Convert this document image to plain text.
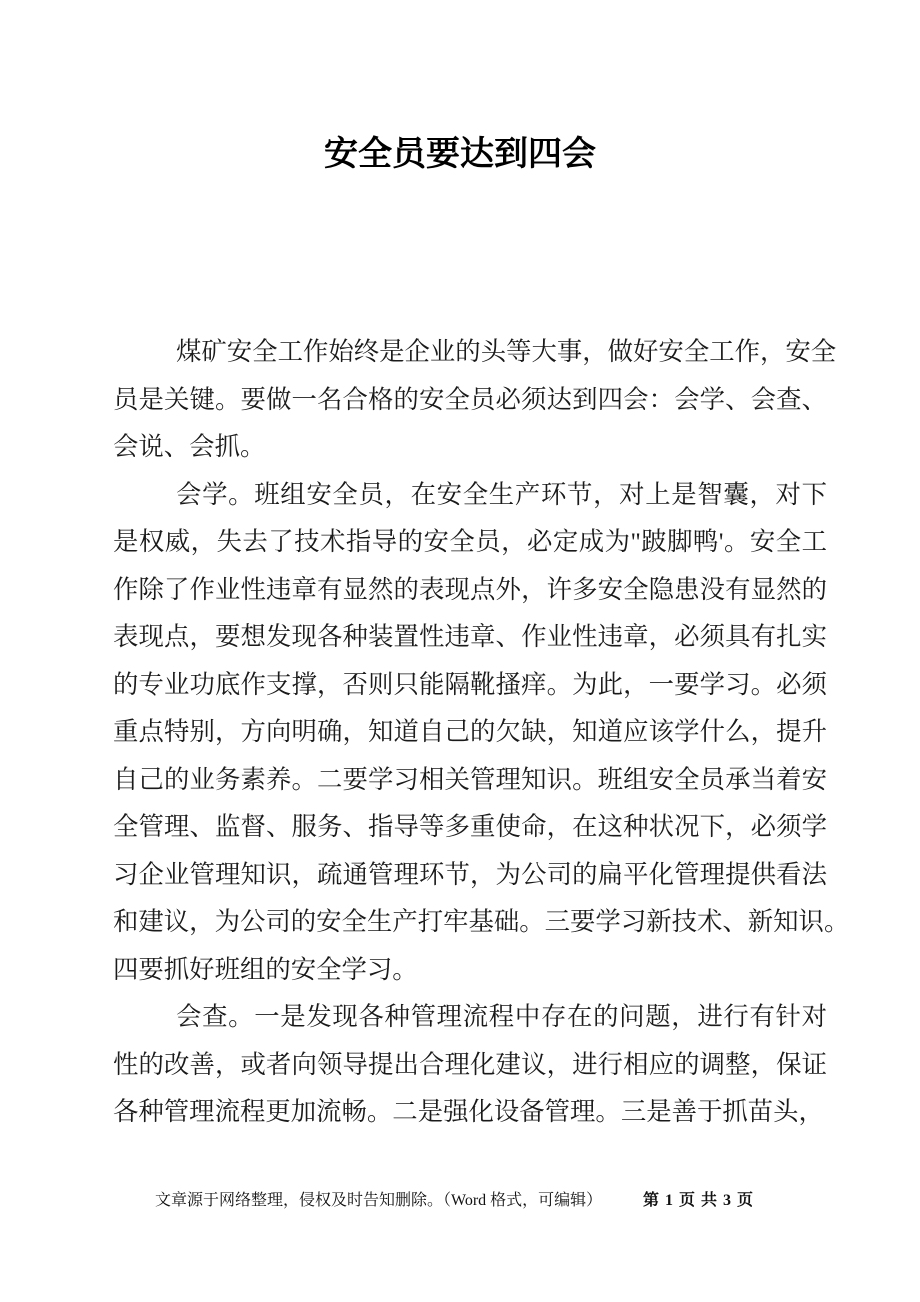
安全员要达到四会
煤矿安全工作始终是企业的头等大事，做好安全工作，安全
员是关键。要做一名合格的安全员必须达到四会：会学、会查、
会说、会抓。
会学。班组安全员，在安全生产环节，对上是智囊，对下
是权威，失去了技术指导的安全员，必定成为"跛脚鸭'。安全工
作除了作业性违章有显然的表现点外，许多安全隐患没有显然的
表现点，要想发现各种装置性违章、作业性违章，必须具有扎实
的专业功底作支撑，否则只能隔靴搔痒。为此，一要学习。必须
重点特别，方向明确，知道自己的欠缺，知道应该学什么，提升
自己的业务素养。二要学习相关管理知识。班组安全员承当着安
全管理、监督、服务、指导等多重使命，在这种状况下，必须学
习企业管理知识，疏通管理环节，为公司的扁平化管理提供看法
和建议，为公司的安全生产打牢基础。三要学习新技术、新知识。
四要抓好班组的安全学习。
会查。一是发现各种管理流程中存在的问题，进行有针对
性的改善，或者向领导提出合理化建议，进行相应的调整，保证
各种管理流程更加流畅。二是强化设备管理。三是善于抓苗头，
文章源于网络整理，侵权及时告知删除。（Word 格式，可编辑）	第 1 页 共 3 页
